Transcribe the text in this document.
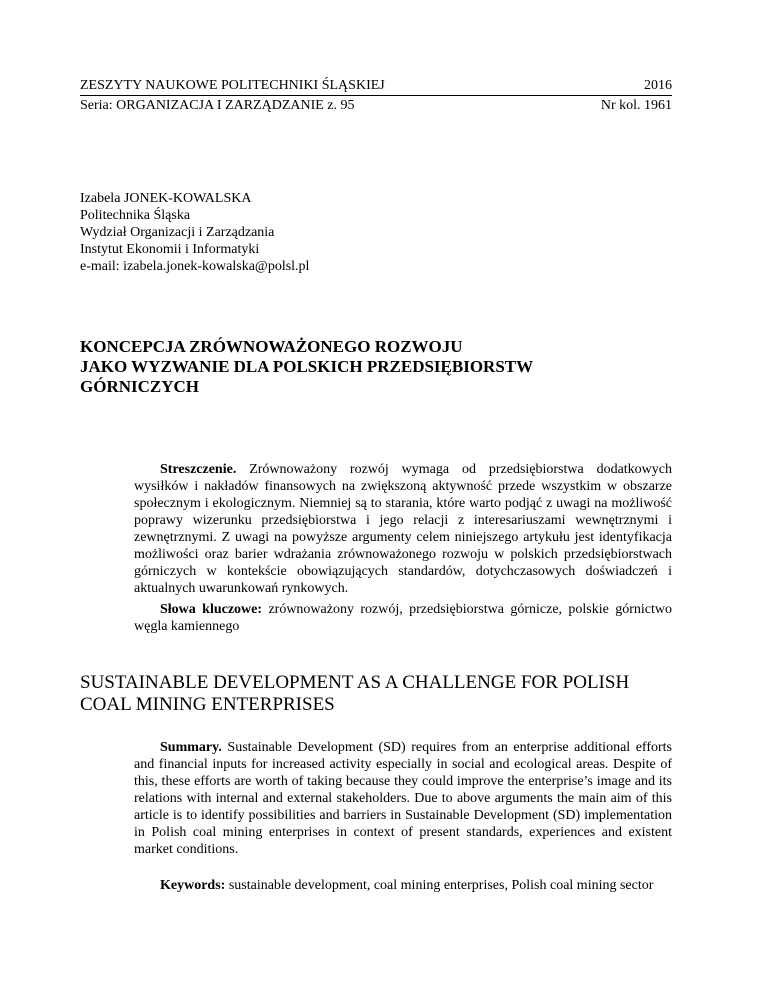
ZESZYTY NAUKOWE POLITECHNIKI ŚLĄSKIEJ	2016
Seria: ORGANIZACJA I ZARZĄDZANIE z. 95	Nr kol. 1961
Izabela JONEK-KOWALSKA
Politechnika Śląska
Wydział Organizacji i Zarządzania
Instytut Ekonomii i Informatyki
e-mail: izabela.jonek-kowalska@polsl.pl
KONCEPCJA ZRÓWNOWAŻONEGO ROZWOJU
JAKO WYZWANIE DLA POLSKICH PRZEDSIĘBIORSTW
GÓRNICZYCH

Streszczenie. Zrównoważony rozwój wymaga od przedsiębiorstwa dodatkowych wysiłków i nakładów finansowych na zwiększoną aktywność przede wszystkim w obszarze społecznym i ekologicznym. Niemniej są to starania, które warto podjąć z uwagi na możliwość poprawy wizerunku przedsiębiorstwa i jego relacji z interesariuszami wewnętrznymi i zewnętrznymi. Z uwagi na powyższe argumenty celem niniejszego artykułu jest identyfikacja możliwości oraz barier wdrażania zrównoważonego rozwoju w polskich przedsiębiorstwach górniczych w kontekście obowiązujących standardów, dotychczasowych doświadczeń i aktualnych uwarunkowań rynkowych.

Słowa kluczowe: zrównoważony rozwój, przedsiębiorstwa górnicze, polskie górnictwo węgla kamiennego

SUSTAINABLE DEVELOPMENT AS A CHALLENGE FOR POLISH
COAL MINING ENTERPRISES

Summary. Sustainable Development (SD) requires from an enterprise additional efforts and financial inputs for increased activity especially in social and ecological areas. Despite of this, these efforts are worth of taking because they could improve the enterprise’s image and its relations with internal and external stakeholders. Due to above arguments the main aim of this article is to identify possibilities and barriers in Sustainable Development (SD) implementation in Polish coal mining enterprises in context of present standards, experiences and existent market conditions.

Keywords: sustainable development, coal mining enterprises, Polish coal mining sector
